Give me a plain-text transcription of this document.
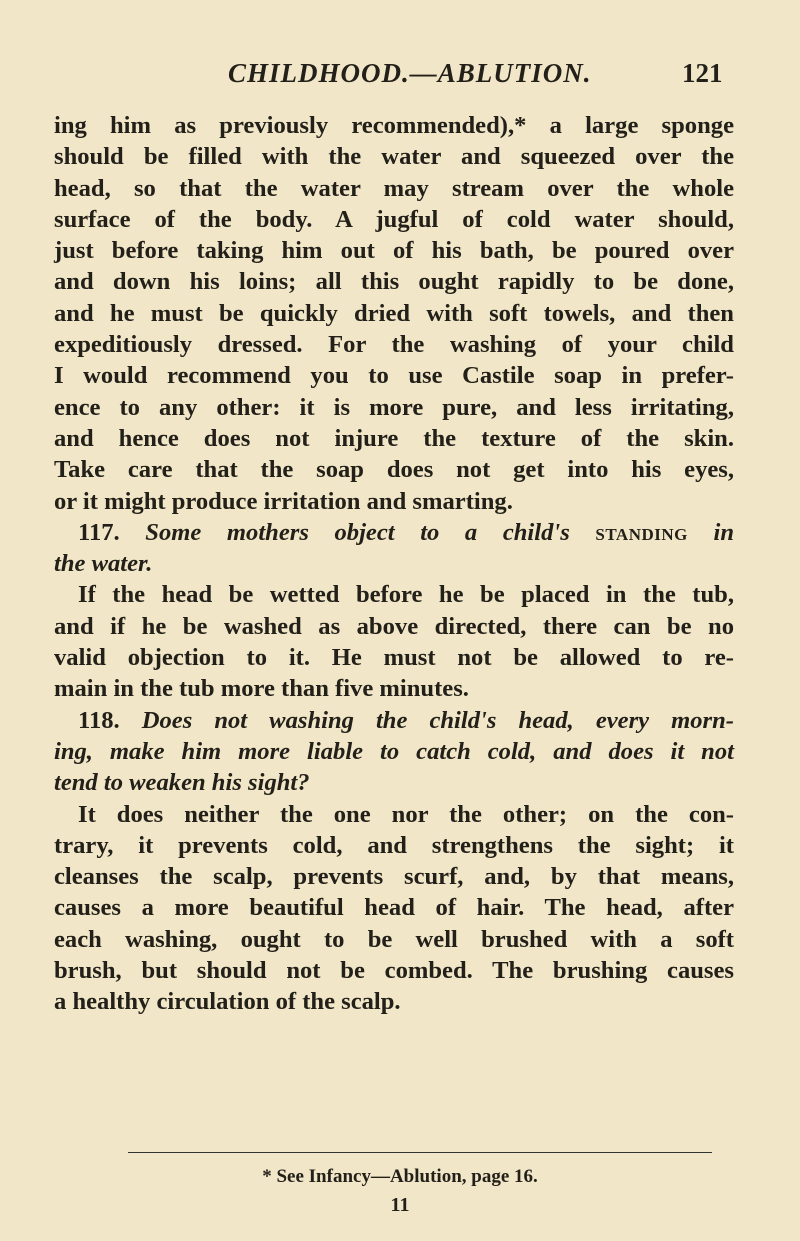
CHILDHOOD.—ABLUTION.	121
ing him as previously recommended),* a large sponge
should be filled with the water and squeezed over the
head, so that the water may stream over the whole
surface of the body. A jugful of cold water should,
just before taking him out of his bath, be poured over
and down his loins; all this ought rapidly to be done,
and he must be quickly dried with soft towels, and then
expeditiously dressed. For the washing of your child
I would recommend you to use Castile soap in prefer-
ence to any other: it is more pure, and less irritating,
and hence does not injure the texture of the skin.
Take care that the soap does not get into his eyes,
or it might produce irritation and smarting.
117. Some mothers object to a child's standing in
the water.
If the head be wetted before he be placed in the tub,
and if he be washed as above directed, there can be no
valid objection to it. He must not be allowed to re-
main in the tub more than five minutes.
118. Does not washing the child's head, every morn-
ing, make him more liable to catch cold, and does it not
tend to weaken his sight?
It does neither the one nor the other; on the con-
trary, it prevents cold, and strengthens the sight; it
cleanses the scalp, prevents scurf, and, by that means,
causes a more beautiful head of hair. The head, after
each washing, ought to be well brushed with a soft
brush, but should not be combed. The brushing causes
a healthy circulation of the scalp.
* See Infancy—Ablution, page 16.
11
